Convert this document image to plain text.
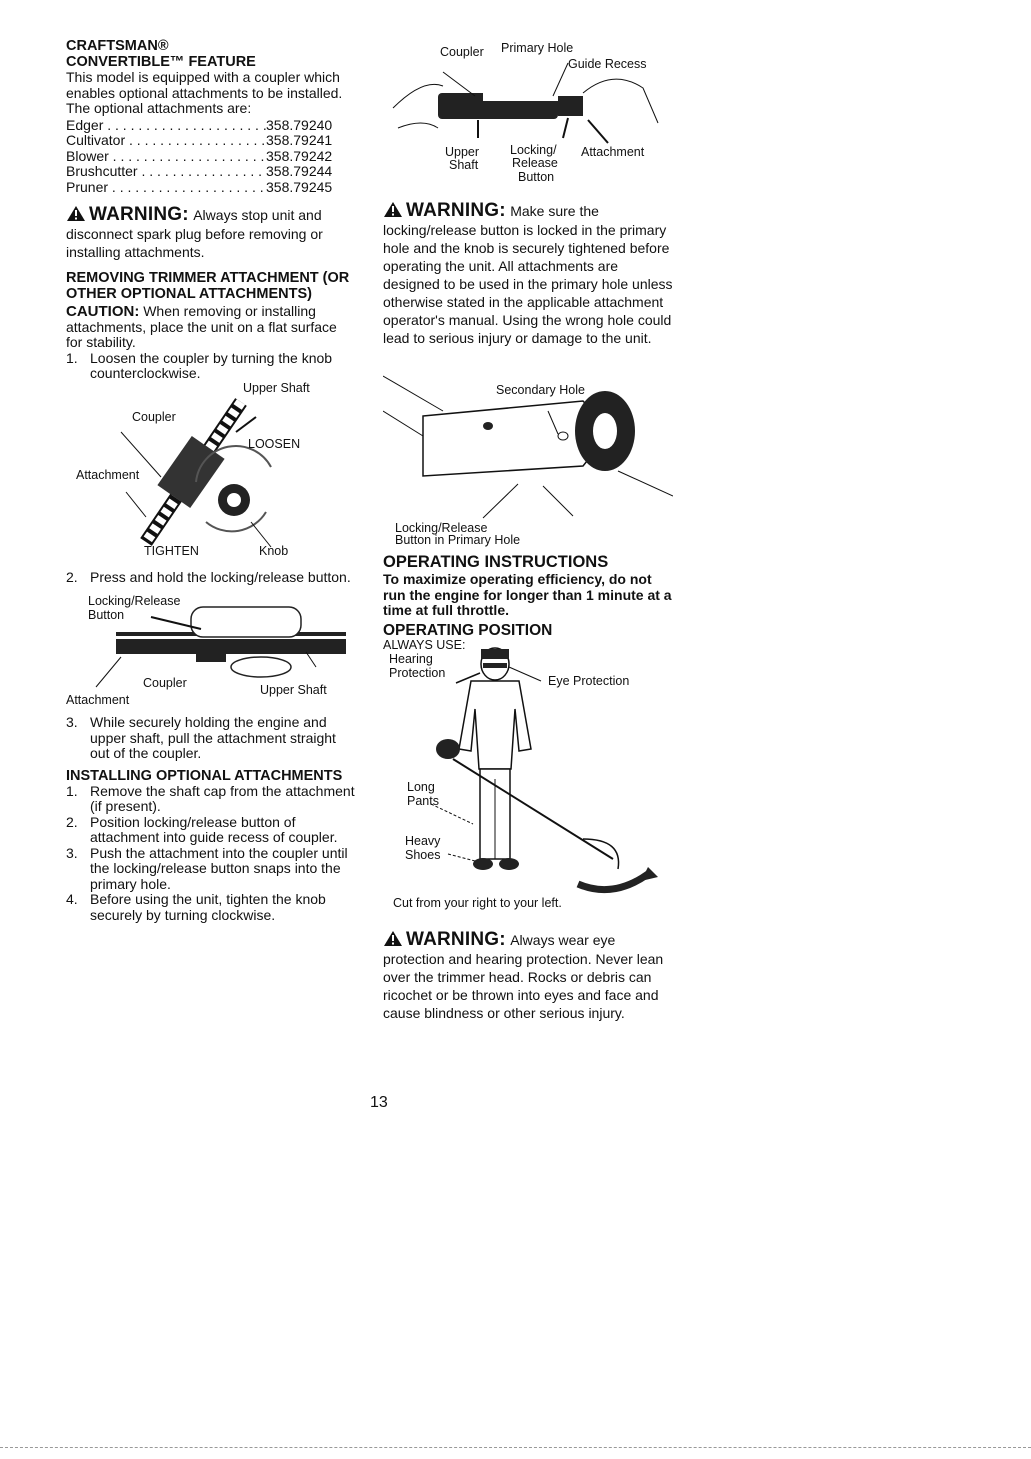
CRAFTSMAN®

CONVERTIBLE™ FEATURE

This model is equipped with a coupler which enables optional attachments to be installed. The optional attachments are:

Edger . . .	358.79240
Cultivator . . .	358.79241
Blower . . .	358.79242
Brushcutter . . .	358.79244
Pruner . . .	358.79245
WARNING: Always stop unit and disconnect spark plug before removing or installing attachments.

REMOVING TRIMMER ATTACHMENT (OR OTHER OPTIONAL ATTACHMENTS)

CAUTION: When removing or installing attachments, place the unit on a flat surface for stability.

1. Loosen the coupler by turning the knob counterclockwise.
Upper Shaft
Coupler
LOOSEN
Attachment
TIGHTEN	Knob
2. Press and hold the locking/release button.
Locking/Release
Button
Coupler
Attachment
Upper Shaft
3. While securely holding the engine and upper shaft, pull the attachment straight out of the coupler.

INSTALLING OPTIONAL ATTACHMENTS

1. Remove the shaft cap from the attachment (if present).
2. Position locking/release button of attachment into guide recess of coupler.
3. Push the attachment into the coupler until the locking/release button snaps into the primary hole.
4. Before using the unit, tighten the knob securely by turning clockwise.
Coupler Primary Hole
Guide Recess
Upper
Shaft
Locking/
Release
Button
Attachment
WARNING: Make sure the locking/release button is locked in the primary hole and the knob is securely tightened before operating the unit. All attachments are designed to be used in the primary hole unless otherwise stated in the applicable attachment operator's manual. Using the wrong hole could lead to serious injury or damage to the unit.
Secondary Hole
Locking/Release
Button in Primary Hole

OPERATING INSTRUCTIONS

To maximize operating efficiency, do not run the engine for longer than 1 minute at a time at full throttle.

OPERATING POSITION

ALWAYS USE:
Hearing
Protection
Eye Protection
Long
Pants
Heavy
Shoes
Cut from your right to your left.
WARNING: Always wear eye protection and hearing protection. Never lean over the trimmer head. Rocks or debris can ricochet or be thrown into eyes and face and cause blindness or other serious injury.
13
